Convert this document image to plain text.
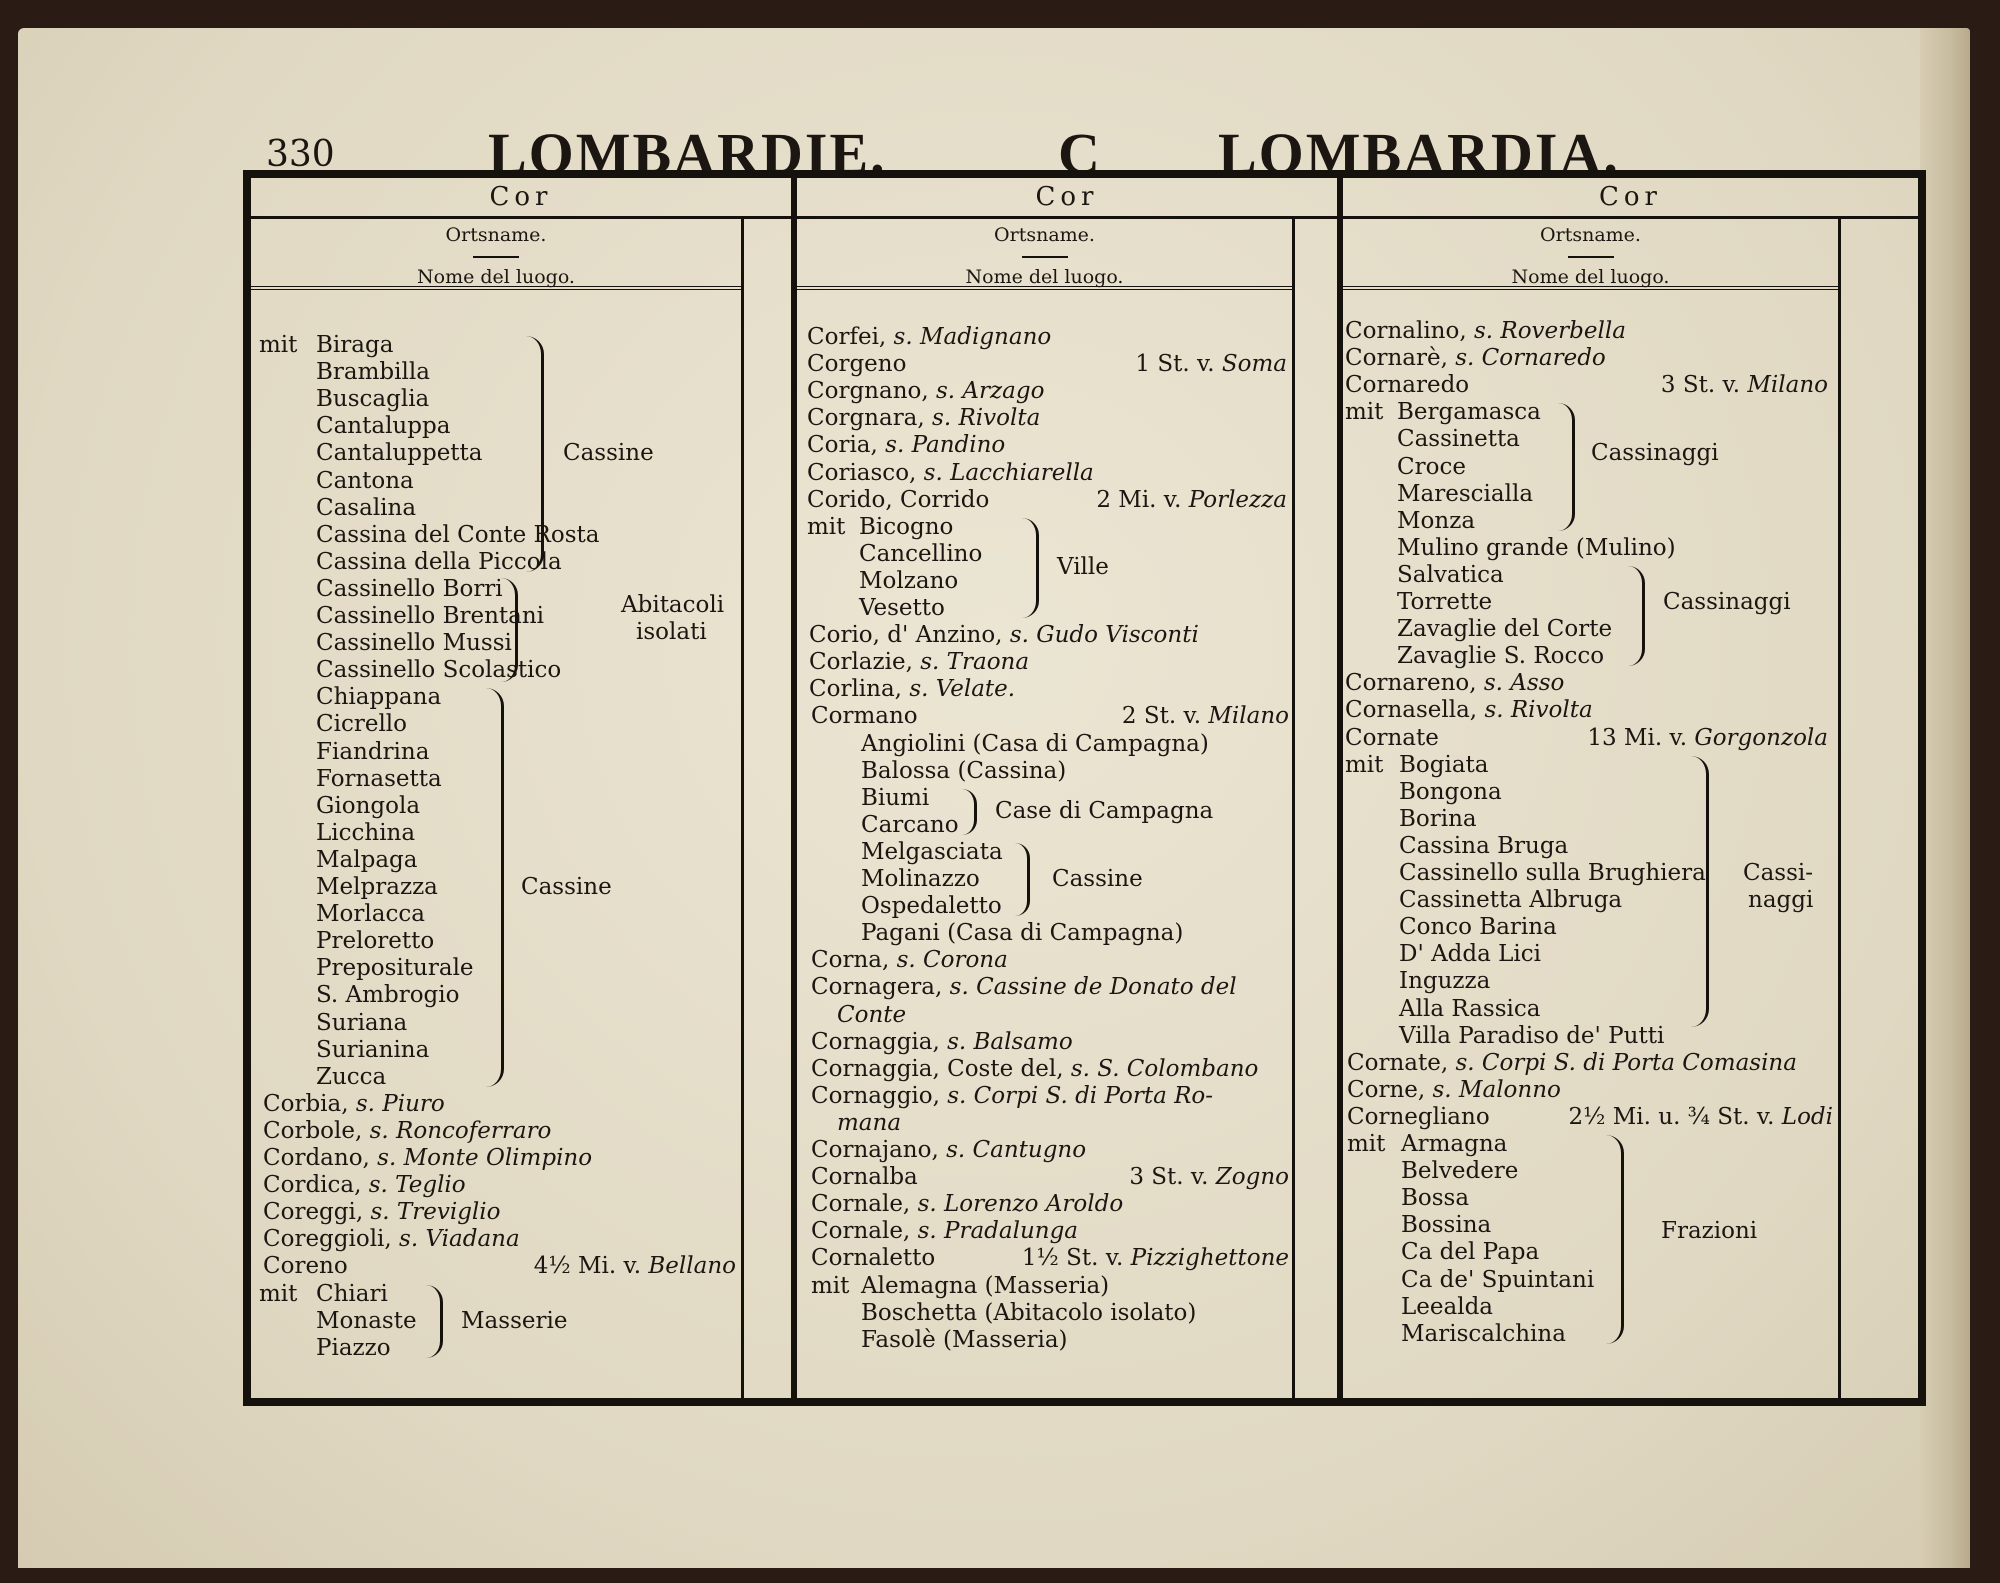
330	LOMBARDIE.	C LOMBARDIA.
Cor
Ortsname.
Nome del luogo.
mit Biraga
Brambilla
Buscaglia
Cantaluppa
Cantaluppetta
Cantona
Casalina
Cassina del Conte Rosta
Cassina della Piccola
Cassine
Cassinello Borri
Cassinello Brentani
Cassinello Mussi
Cassinello Scolastico
Abitacoli
isolati
Chiappana
Cicrello
Fiandrina
Fornasetta
Giongola
Licchina
Malpaga
Melprazza
Morlacca
Preloretto
Prepositurale
S. Ambrogio
Suriana
Surianina
Zucca
Cassine
Corbia, s. Piuro
Corbole, s. Roncoferraro
Cordano, s. Monte Olimpino
Cordica, s. Teglio
Coreggi, s. Treviglio
Coreggioli, s. Viadana
Coreno	4½ Mi. v. Bellano
mit Chiari
Monaste
Piazzo
Masserie
Cor
Ortsname.
Nome del luogo.
Corfei, s. Madignano
Corgeno	1 St. v. Soma
Corgnano, s. Arzago
Corgnara, s. Rivolta
Coria, s. Pandino
Coriasco, s. Lacchiarella
Corido, Corrido	2 Mi. v. Porlezza
mit Bicogno
Cancellino
Molzano
Vesetto
Ville
Corio, d' Anzino, s. Gudo Visconti
Corlazie, s. Traona
Corlina, s. Velate.
Cormano	2 St. v. Milano
Angiolini (Casa di Campagna)
Balossa (Cassina)
Biumi
Carcano
Case di Campagna
Melgasciata
Molinazzo
Ospedaletto
Cassine
Pagani (Casa di Campagna)
Corna, s. Corona
Cornagera, s. Cassine de Donato del
Conte
Cornaggia, s. Balsamo
Cornaggia, Coste del, s. S. Colombano
Cornaggio, s. Corpi S. di Porta Ro-
mana
Cornajano, s. Cantugno
Cornalba	3 St. v. Zogno
Cornale, s. Lorenzo Aroldo
Cornale, s. Pradalunga
Cornaletto	1½ St. v. Pizzighettone
mit Alemagna (Masseria)
Boschetta (Abitacolo isolato)
Fasolè (Masseria)
Cor
Ortsname.
Nome del luogo.
Cornalino, s. Roverbella
Cornarè, s. Cornaredo
Cornaredo	3 St. v. Milano
mit Bergamasca
Cassinetta
Croce
Marescialla
Monza
Cassinaggi
Mulino grande (Mulino)
Salvatica
Torrette
Zavaglie del Corte
Zavaglie S. Rocco
Cassinaggi
Cornareno, s. Asso
Cornasella, s. Rivolta
Cornate	13 Mi. v. Gorgonzola
mit Bogiata
Bongona
Borina
Cassina Bruga
Cassinello sulla Brughiera
Cassinetta Albruga
Conco Barina
D' Adda Lici
Inguzza
Alla Rassica
Villa Paradiso de' Putti
Cassi-
naggi
Cornate, s. Corpi S. di Porta Comasina
Corne, s. Malonno
Cornegliano	2½ Mi. u. ¾ St. v. Lodi
mit Armagna
Belvedere
Bossa
Bossina
Ca del Papa
Ca de' Spuintani
Leealda
Mariscalchina
Frazioni
